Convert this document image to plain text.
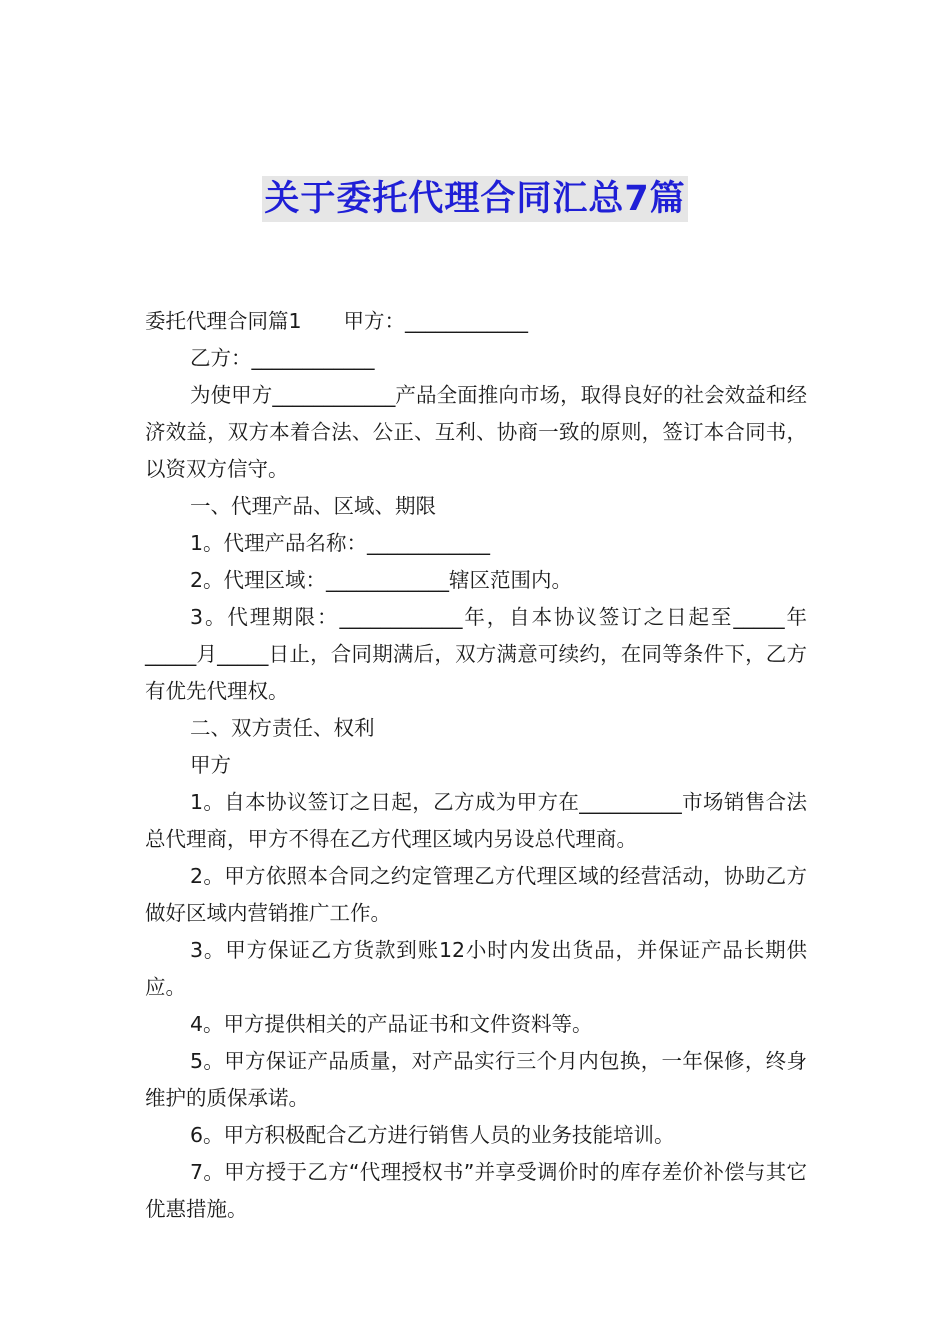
关于委托代理合同汇总7篇

委托代理合同篇1 甲方：____________

乙方：____________

为使甲方____________产品全面推向市场，取得良好的社会效益和经济效益，双方本着合法、公正、互利、协商一致的原则，签订本合同书，以资双方信守。

一、代理产品、区域、期限

1。代理产品名称：____________

2。代理区域：____________辖区范围内。

3。代理期限：____________年，自本协议签订之日起至_____年_____月_____日止，合同期满后，双方满意可续约，在同等条件下，乙方有优先代理权。

二、双方责任、权利

甲方

1。自本协议签订之日起，乙方成为甲方在__________市场销售合法总代理商，甲方不得在乙方代理区域内另设总代理商。

2。甲方依照本合同之约定管理乙方代理区域的经营活动，协助乙方做好区域内营销推广工作。

3。甲方保证乙方货款到账12小时内发出货品，并保证产品长期供应。

4。甲方提供相关的产品证书和文件资料等。

5。甲方保证产品质量，对产品实行三个月内包换，一年保修，终身维护的质保承诺。

6。甲方积极配合乙方进行销售人员的业务技能培训。

7。甲方授于乙方“代理授权书”并享受调价时的库存差价补偿与其它优惠措施。
